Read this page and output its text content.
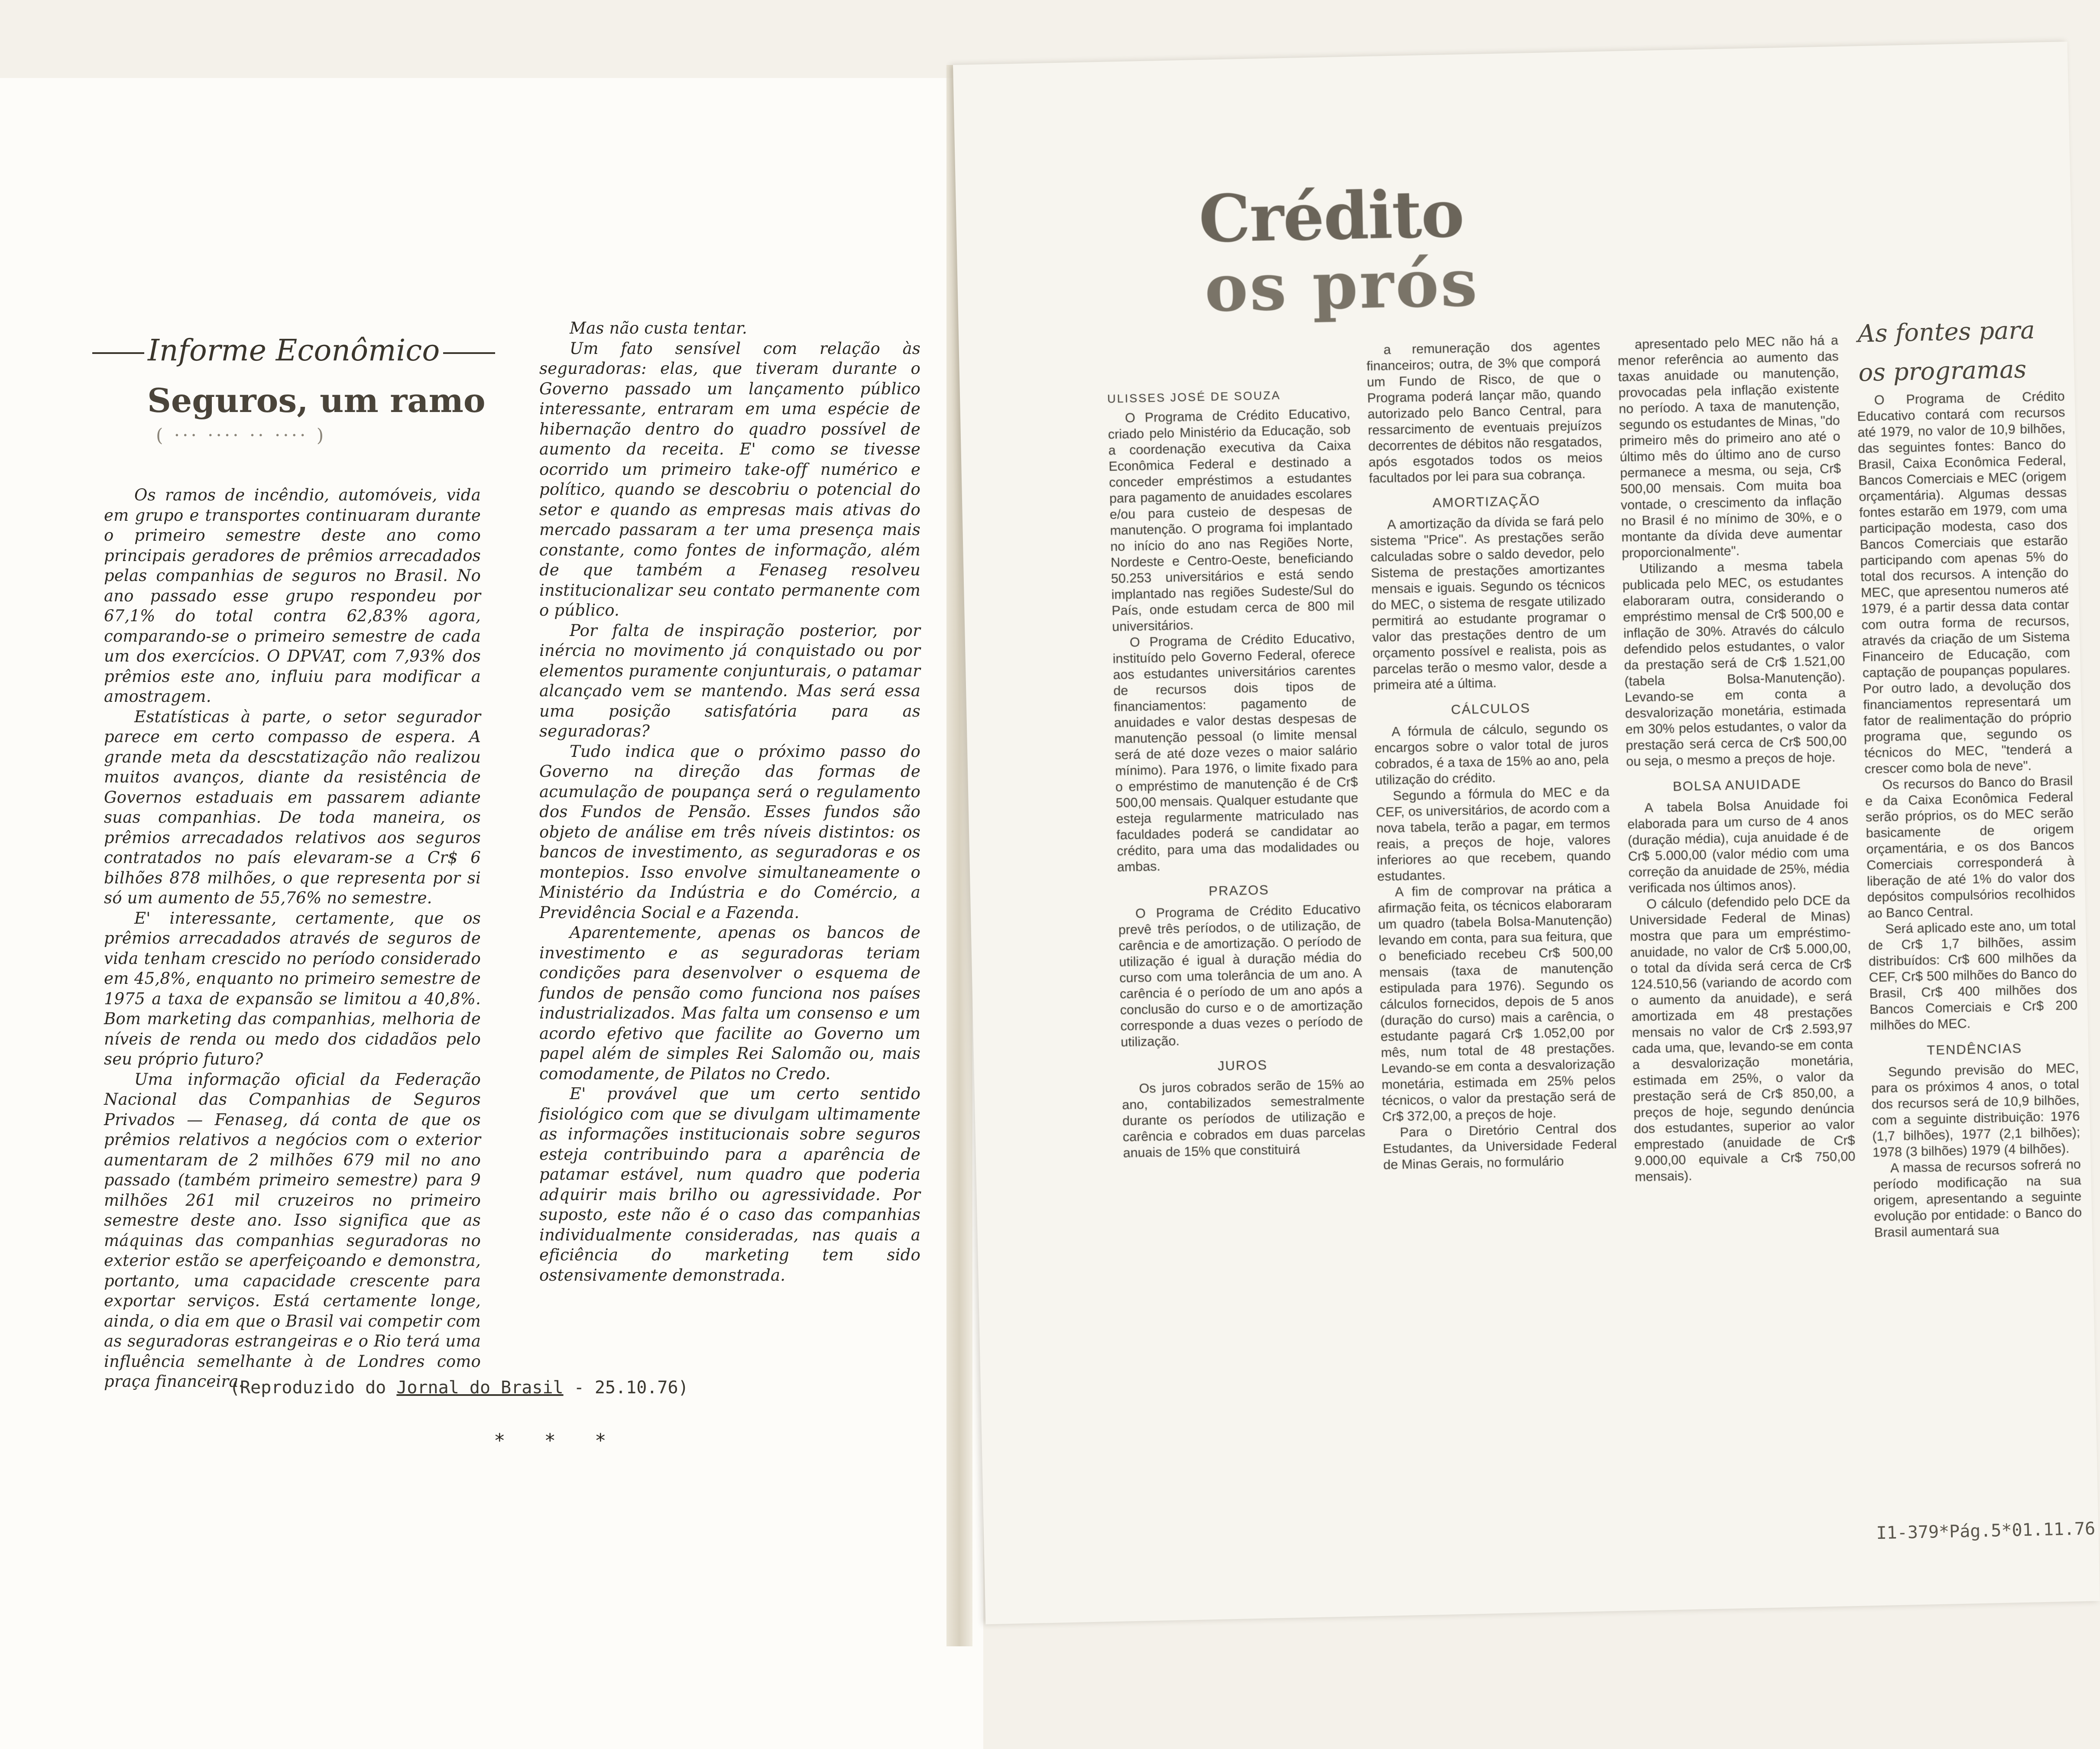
Informe Econômico
Seguros, um ramo
( ··· ···· ·· ···· )

Os ramos de incêndio, automóveis, vida em grupo e transportes continuaram durante o primeiro semestre deste ano como principais geradores de prêmios arrecadados pelas companhias de seguros no Brasil. No ano passado esse grupo respondeu por 67,1% do total contra 62,83% agora, comparando-se o primeiro semestre de cada um dos exercícios. O DPVAT, com 7,93% dos prêmios este ano, influiu para modificar a amostragem.

Estatísticas à parte, o setor segurador parece em certo compasso de espera. A grande meta da descstatização não realizou muitos avanços, diante da resistência de Governos estaduais em passarem adiante suas companhias. De toda maneira, os prêmios arrecadados relativos aos seguros contratados no país elevaram-se a Cr$ 6 bilhões 878 milhões, o que representa por si só um aumento de 55,76% no semestre.

E' interessante, certamente, que os prêmios arrecadados através de seguros de vida tenham crescido no período considerado em 45,8%, enquanto no primeiro semestre de 1975 a taxa de expansão se limitou a 40,8%. Bom marketing das companhias, melhoria de níveis de renda ou medo dos cidadãos pelo seu próprio futuro?

Uma informação oficial da Federação Nacional das Companhias de Seguros Privados — Fenaseg, dá conta de que os prêmios relativos a negócios com o exterior aumentaram de 2 milhões 679 mil no ano passado (também primeiro semestre) para 9 milhões 261 mil cruzeiros no primeiro semestre deste ano. Isso significa que as máquinas das companhias seguradoras no exterior estão se aperfeiçoando e demonstra, portanto, uma capacidade crescente para exportar serviços. Está certamente longe, ainda, o dia em que o Brasil vai competir com as seguradoras estrangeiras e o Rio terá uma influência semelhante à de Londres como praça financeira.

Mas não custa tentar.

Um fato sensível com relação às seguradoras: elas, que tiveram durante o Governo passado um lançamento público interessante, entraram em uma espécie de hibernação dentro do quadro possível de aumento da receita. E' como se tivesse ocorrido um primeiro take-off numérico e político, quando se descobriu o potencial do setor e quando as empresas mais ativas do mercado passaram a ter uma presença mais constante, como fontes de informação, além de que também a Fenaseg resolveu institucionalizar seu contato permanente com o público.

Por falta de inspiração posterior, por inércia no movimento já conquistado ou por elementos puramente conjunturais, o patamar alcançado vem se mantendo. Mas será essa uma posição satisfatória para as seguradoras?

Tudo indica que o próximo passo do Governo na direção das formas de acumulação de poupança será o regulamento dos Fundos de Pensão. Esses fundos são objeto de análise em três níveis distintos: os bancos de investimento, as seguradoras e os montepios. Isso envolve simultaneamente o Ministério da Indústria e do Comércio, a Previdência Social e a Fazenda.

Aparentemente, apenas os bancos de investimento e as seguradoras teriam condições para desenvolver o esquema de fundos de pensão como funciona nos países industrializados. Mas falta um consenso e um acordo efetivo que facilite ao Governo um papel além de simples Rei Salomão ou, mais comodamente, de Pilatos no Credo.

E' provável que um certo sentido fisiológico com que se divulgam ultimamente as informações institucionais sobre seguros esteja contribuindo para a aparência de patamar estável, num quadro que poderia adquirir mais brilho ou agressividade. Por suposto, este não é o caso das companhias individualmente consideradas, nas quais a eficiência do marketing tem sido ostensivamente demonstrada.

(Reproduzido do Jornal do Brasil - 25.10.76)
***
Crédito
os prós

ULISSES JOSÉ DE SOUZA

O Programa de Crédito Educativo, criado pelo Ministério da Educação, sob a coordenação executiva da Caixa Econômica Federal e destinado a conceder empréstimos a estudantes para pagamento de anuidades escolares e/ou para custeio de despesas de manutenção. O programa foi implantado no início do ano nas Regiões Norte, Nordeste e Centro-Oeste, beneficiando 50.253 universitários e está sendo implantado nas regiões Sudeste/Sul do País, onde estudam cerca de 800 mil universitários.

O Programa de Crédito Educativo, instituído pelo Governo Federal, oferece aos estudantes universitários carentes de recursos dois tipos de financiamentos: pagamento de anuidades e valor destas despesas de manutenção pessoal (o limite mensal será de até doze vezes o maior salário mínimo). Para 1976, o limite fixado para o empréstimo de manutenção é de Cr$ 500,00 mensais. Qualquer estudante que esteja regularmente matriculado nas faculdades poderá se candidatar ao crédito, para uma das modalidades ou ambas.

PRAZOS

O Programa de Crédito Educativo prevê três períodos, o de utilização, de carência e de amortização. O período de utilização é igual à duração média do curso com uma tolerância de um ano. A carência é o período de um ano após a conclusão do curso e o de amortização corresponde a duas vezes o período de utilização.

JUROS

Os juros cobrados serão de 15% ao ano, contabilizados semestralmente durante os períodos de utilização e carência e cobrados em duas parcelas anuais de 15% que constituirá

a remuneração dos agentes financeiros; outra, de 3% que comporá um Fundo de Risco, de que o Programa poderá lançar mão, quando autorizado pelo Banco Central, para ressarcimento de eventuais prejuízos decorrentes de débitos não resgatados, após esgotados todos os meios facultados por lei para sua cobrança.

AMORTIZAÇÃO

A amortização da dívida se fará pelo sistema "Price". As prestações serão calculadas sobre o saldo devedor, pelo Sistema de prestações amortizantes mensais e iguais. Segundo os técnicos do MEC, o sistema de resgate utilizado permitirá ao estudante programar o valor das prestações dentro de um orçamento possível e realista, pois as parcelas terão o mesmo valor, desde a primeira até a última.

CÁLCULOS

A fórmula de cálculo, segundo os encargos sobre o valor total de juros cobrados, é a taxa de 15% ao ano, pela utilização do crédito.

Segundo a fórmula do MEC e da CEF, os universitários, de acordo com a nova tabela, terão a pagar, em termos reais, a preços de hoje, valores inferiores ao que recebem, quando estudantes.

A fim de comprovar na prática a afirmação feita, os técnicos elaboraram um quadro (tabela Bolsa-Manutenção) levando em conta, para sua feitura, que o beneficiado recebeu Cr$ 500,00 mensais (taxa de manutenção estipulada para 1976). Segundo os cálculos fornecidos, depois de 5 anos (duração do curso) mais a carência, o estudante pagará Cr$ 1.052,00 por mês, num total de 48 prestações. Levando-se em conta a desvalorização monetária, estimada em 25% pelos técnicos, o valor da prestação será de Cr$ 372,00, a preços de hoje.

Para o Diretório Central dos Estudantes, da Universidade Federal de Minas Gerais, no formulário

apresentado pelo MEC não há a menor referência ao aumento das taxas anuidade ou manutenção, provocadas pela inflação existente no período. A taxa de manutenção, segundo os estudantes de Minas, "do primeiro mês do primeiro ano até o último mês do último ano de curso permanece a mesma, ou seja, Cr$ 500,00 mensais. Com muita boa vontade, o crescimento da inflação no Brasil é no mínimo de 30%, e o montante da dívida deve aumentar proporcionalmente".

Utilizando a mesma tabela publicada pelo MEC, os estudantes elaboraram outra, considerando o empréstimo mensal de Cr$ 500,00 e inflação de 30%. Através do cálculo defendido pelos estudantes, o valor da prestação será de Cr$ 1.521,00 (tabela Bolsa-Manutenção). Levando-se em conta a desvalorização monetária, estimada em 30% pelos estudantes, o valor da prestação será cerca de Cr$ 500,00 ou seja, o mesmo a preços de hoje.

BOLSA ANUIDADE

A tabela Bolsa Anuidade foi elaborada para um curso de 4 anos (duração média), cuja anuidade é de Cr$ 5.000,00 (valor médio com uma correção da anuidade de 25%, média verificada nos últimos anos).

O cálculo (defendido pelo DCE da Universidade Federal de Minas) mostra que para um empréstimo-anuidade, no valor de Cr$ 5.000,00, o total da dívida será cerca de Cr$ 124.510,56 (variando de acordo com o aumento da anuidade), e será amortizada em 48 prestações mensais no valor de Cr$ 2.593,97 cada uma, que, levando-se em conta a desvalorização monetária, estimada em 25%, o valor da prestação será de Cr$ 850,00, a preços de hoje, segundo denúncia dos estudantes, superior ao valor emprestado (anuidade de Cr$ 9.000,00 equivale a Cr$ 750,00 mensais).

As fontes para os programas

O Programa de Crédito Educativo contará com recursos até 1979, no valor de 10,9 bilhões, das seguintes fontes: Banco do Brasil, Caixa Econômica Federal, Bancos Comerciais e MEC (origem orçamentária). Algumas dessas fontes estarão em 1979, com uma participação modesta, caso dos Bancos Comerciais que estarão participando com apenas 5% do total dos recursos. A intenção do MEC, que apresentou numeros até 1979, é a partir dessa data contar com outra forma de recursos, através da criação de um Sistema Financeiro de Educação, com captação de poupanças populares. Por outro lado, a devolução dos financiamentos representará um fator de realimentação do próprio programa que, segundo os técnicos do MEC, "tenderá a crescer como bola de neve".

Os recursos do Banco do Brasil e da Caixa Econômica Federal serão próprios, os do MEC serão basicamente de origem orçamentária, e os dos Bancos Comerciais corresponderá à liberação de até 1% do valor dos depósitos compulsórios recolhidos ao Banco Central.

Será aplicado este ano, um total de Cr$ 1,7 bilhões, assim distribuídos: Cr$ 600 milhões da CEF, Cr$ 500 milhões do Banco do Brasil, Cr$ 400 milhões dos Bancos Comerciais e Cr$ 200 milhões do MEC.

TENDÊNCIAS

Segundo previsão do MEC, para os próximos 4 anos, o total dos recursos será de 10,9 bilhões, com a seguinte distribuição: 1976 (1,7 bilhões), 1977 (2,1 bilhões); 1978 (3 bilhões) 1979 (4 bilhões).

A massa de recursos sofrerá no período modificação na sua origem, apresentando a seguinte evolução por entidade: o Banco do Brasil aumentará sua

I1-379*Pág.5*01.11.76
